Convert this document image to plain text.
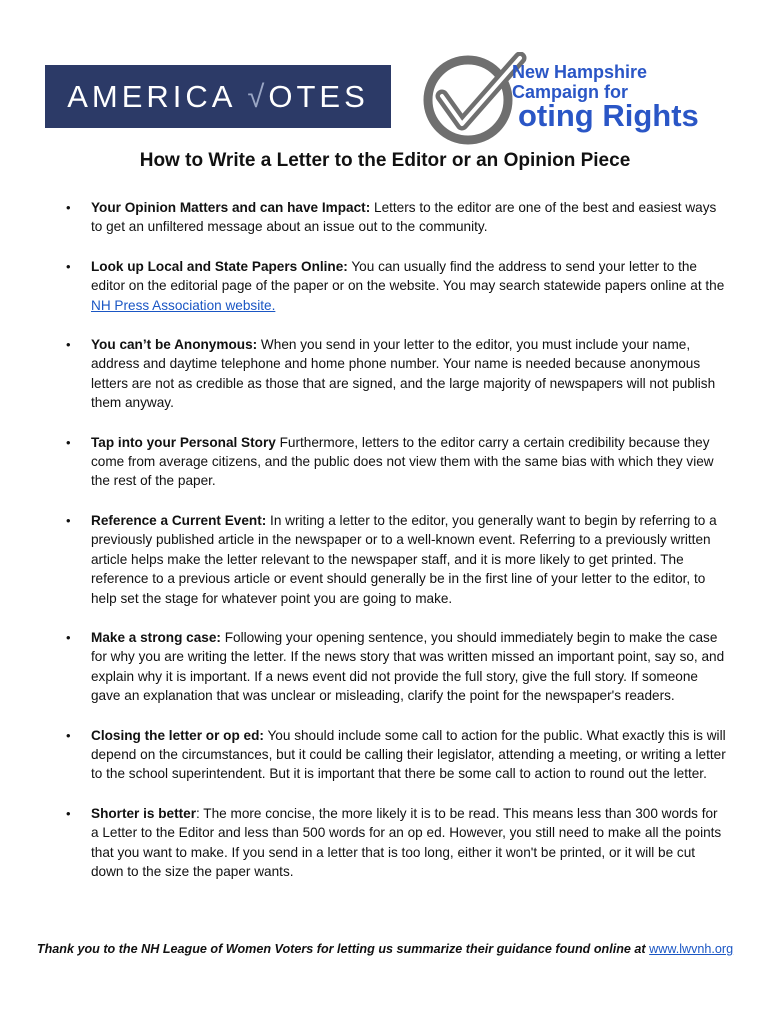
AMERICA √OTES
New Hampshire
Campaign for
oting Rights
How to Write a Letter to the Editor or an Opinion Piece
• Your Opinion Matters and can have Impact: Letters to the editor are one of the best and easiest ways to get an unfiltered message about an issue out to the community.
• Look up Local and State Papers Online: You can usually find the address to send your letter to the editor on the editorial page of the paper or on the website. You may search statewide papers online at the NH Press Association website.
• You can’t be Anonymous: When you send in your letter to the editor, you must include your name, address and daytime telephone and home phone number. Your name is needed because anonymous letters are not as credible as those that are signed, and the large majority of newspapers will not publish them anyway.
• Tap into your Personal Story Furthermore, letters to the editor carry a certain credibility because they come from average citizens, and the public does not view them with the same bias with which they view the rest of the paper.
• Reference a Current Event: In writing a letter to the editor, you generally want to begin by referring to a previously published article in the newspaper or to a well-known event. Referring to a previously written article helps make the letter relevant to the newspaper staff, and it is more likely to get printed. The reference to a previous article or event should generally be in the first line of your letter to the editor, to help set the stage for whatever point you are going to make.
• Make a strong case: Following your opening sentence, you should immediately begin to make the case for why you are writing the letter. If the news story that was written missed an important point, say so, and explain why it is important. If a news event did not provide the full story, give the full story. If someone gave an explanation that was unclear or misleading, clarify the point for the newspaper's readers.
• Closing the letter or op ed: You should include some call to action for the public. What exactly this is will depend on the circumstances, but it could be calling their legislator, attending a meeting, or writing a letter to the school superintendent. But it is important that there be some call to action to round out the letter.
• Shorter is better: The more concise, the more likely it is to be read. This means less than 300 words for a Letter to the Editor and less than 500 words for an op ed. However, you still need to make all the points that you want to make. If you send in a letter that is too long, either it won't be printed, or it will be cut down to the size the paper wants.
Thank you to the NH League of Women Voters for letting us summarize their guidance found online at www.lwvnh.org
